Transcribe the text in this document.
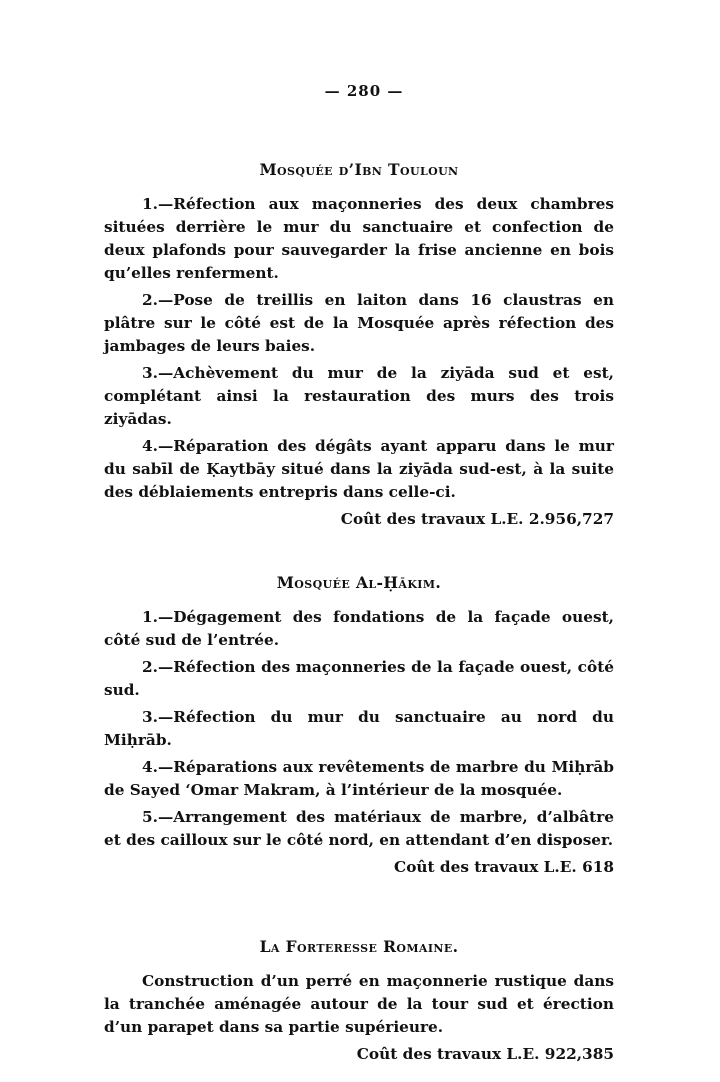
— 280 —
Mosquée d’Ibn Touloun

1.—Réfection aux maçonneries des deux chambres situées derrière le mur du sanctuaire et confection de deux plafonds pour sauvegarder la frise ancienne en bois qu’elles renferment.

2.—Pose de treillis en laiton dans 16 claustras en plâtre sur le côté est de la Mosquée après réfection des jambages de leurs baies.

3.—Achèvement du mur de la ziyāda sud et est, complétant ainsi la restauration des murs des trois ziyādas.

4.—Réparation des dégâts ayant apparu dans le mur du sabīl de Ḳaytbāy situé dans la ziyāda sud-est, à la suite des déblaiements entrepris dans celle-ci.

Coût des travaux L.E. 2.956,727

Mosquée Al-Ḥākim.

1.—Dégagement des fondations de la façade ouest, côté sud de l’entrée.

2.—Réfection des maçonneries de la façade ouest, côté sud.

3.—Réfection du mur du sanctuaire au nord du Miḥrāb.

4.—Réparations aux revêtements de marbre du Miḥrāb de Sayed ‘Omar Makram, à l’intérieur de la mosquée.

5.—Arrangement des matériaux de marbre, d’albâtre et des cailloux sur le côté nord, en attendant d’en disposer.

Coût des travaux L.E. 618

La Forteresse Romaine.

Construction d’un perré en maçonnerie rustique dans la tranchée aménagée autour de la tour sud et érection d’un parapet dans sa partie supérieure.

Coût des travaux L.E. 922,385
